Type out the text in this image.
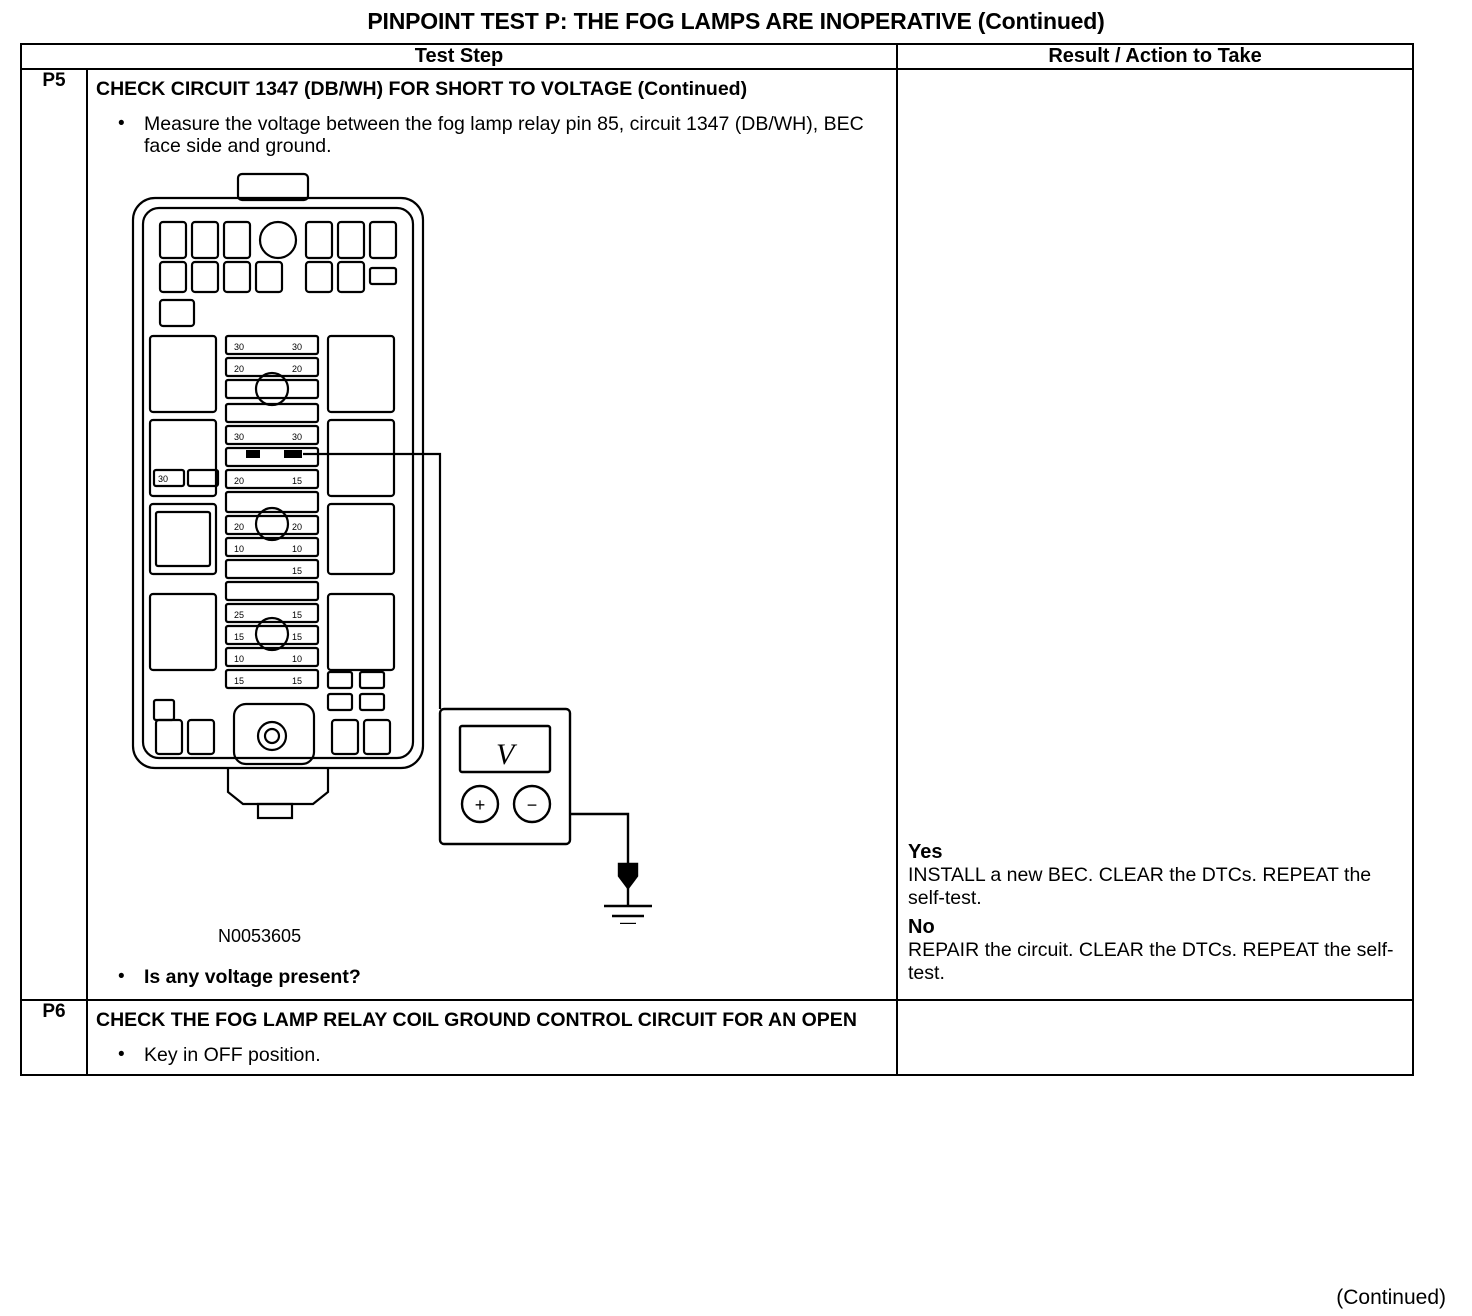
PINPOINT TEST P: THE FOG LAMPS ARE INOPERATIVE (Continued)
Test Step		Result / Action to Take
P5	CHECK CIRCUIT 1347 (DB/WH) FOR SHORT TO VOLTAGE (Continued)
• Measure the voltage between the fog lamp relay pin 85, circuit 1347 (DB/WH), BEC face side and ground.
30	30
20	20
30	30
20	15
20	20
10	10
15
25	15
15	15
10	10
15	15
30
V
+ −
N0053605
• Is any voltage present?

Yes
INSTALL a new BEC. CLEAR the DTCs. REPEAT the self-test.
No
REPAIR the circuit. CLEAR the DTCs. REPEAT the self-test.

P6	CHECK THE FOG LAMP RELAY COIL GROUND CONTROL CIRCUIT FOR AN OPEN
• Key in OFF position.	

(Continued)
